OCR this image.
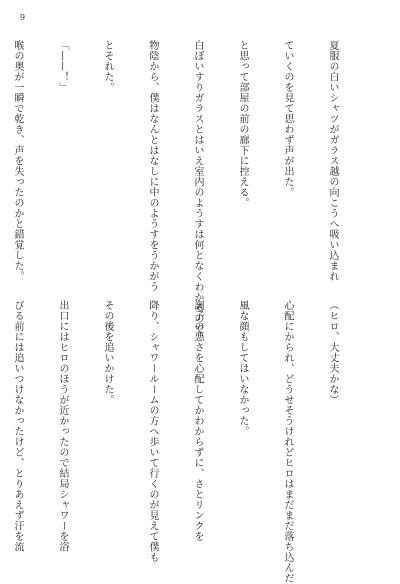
9

夏服の白いシャツがガラス越の向こうへ吸い込まれ

ていくのを見て思わず声が出た。

と思って部屋の前の廊下に控える。

白ぼいすりガラスとはいえ室内のようすは何となくわかるので、

物陰から、僕はなんとはなしに中のようすをうかがう

とそれた。

「——！」

喉の奥が一瞬で乾き、声を失ったのかと錯覚した。

（ヒロ、大丈夫かな）

心配にかられ、どうせそうけれどヒロはまだまだ落ち込んだ

風な顔もしてはいなかった。

調子の悪さを心配してかわからずに、さとリンクを

降り、シャワールームの方へ歩いて行くのが見えて僕も

その後を追いかけた。

出口にはヒロのほうが近かったので結局シャワーを浴

びる前には追いつけなかったけど、とりあえず汗を流
